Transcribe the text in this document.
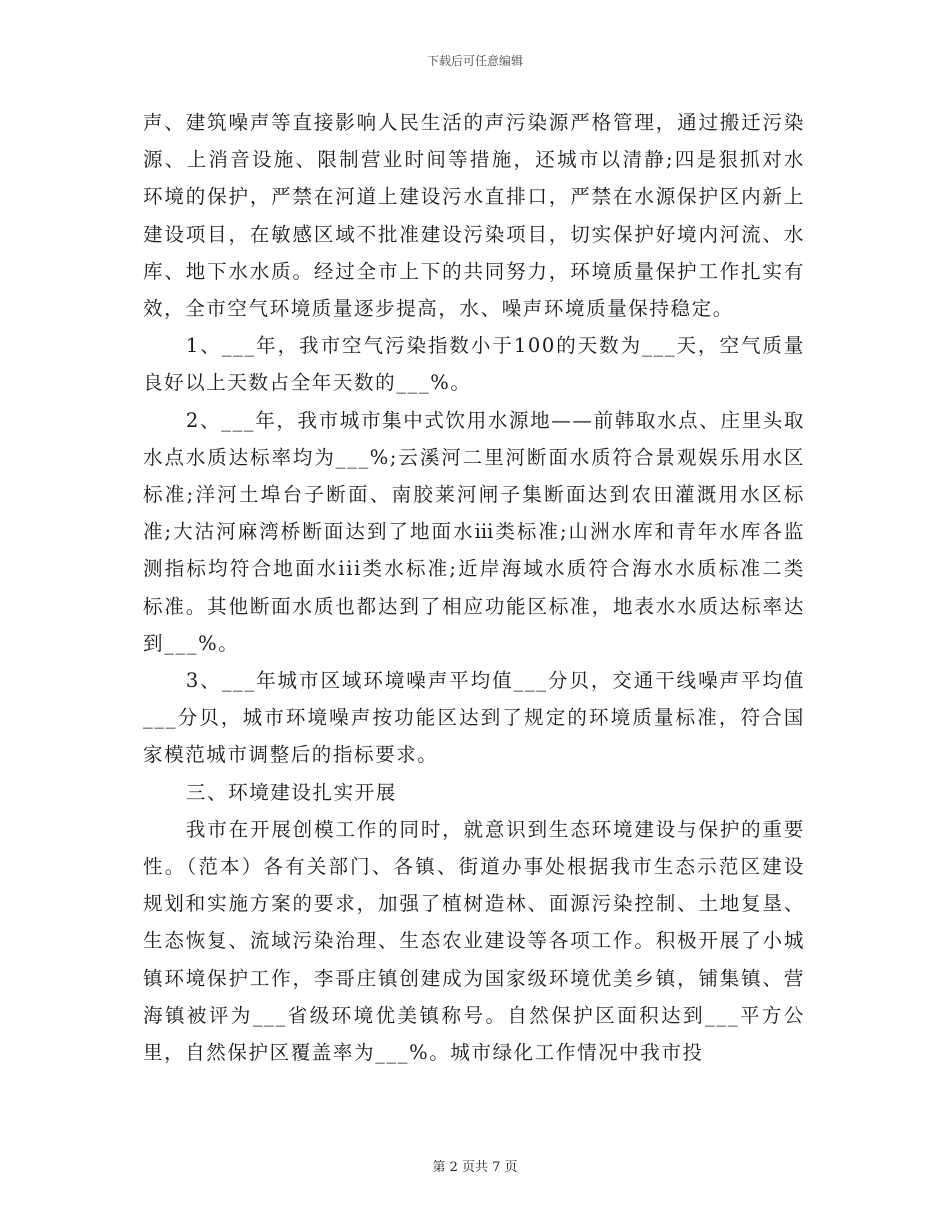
下载后可任意编辑

声、建筑噪声等直接影响人民生活的声污染源严格管理，通过搬迁污染源、上消音设施、限制营业时间等措施，还城市以清静;四是狠抓对水环境的保护，严禁在河道上建设污水直排口，严禁在水源保护区内新上建设项目，在敏感区域不批准建设污染项目，切实保护好境内河流、水库、地下水水质。经过全市上下的共同努力，环境质量保护工作扎实有效，全市空气环境质量逐步提高，水、噪声环境质量保持稳定。

1、___年，我市空气污染指数小于100的天数为___天，空气质量良好以上天数占全年天数的___%。

2、___年，我市城市集中式饮用水源地——前韩取水点、庄里头取水点水质达标率均为___%;云溪河二里河断面水质符合景观娱乐用水区标准;洋河土埠台子断面、南胶莱河闸子集断面达到农田灌溉用水区标准;大沽河麻湾桥断面达到了地面水ⅲ类标准;山洲水库和青年水库各监测指标均符合地面水iii类水标准;近岸海域水质符合海水水质标准二类标准。其他断面水质也都达到了相应功能区标准，地表水水质达标率达到___%。

3、___年城市区域环境噪声平均值___分贝，交通干线噪声平均值___分贝，城市环境噪声按功能区达到了规定的环境质量标准，符合国家模范城市调整后的指标要求。

三、环境建设扎实开展

我市在开展创模工作的同时，就意识到生态环境建设与保护的重要性。（范本）各有关部门、各镇、街道办事处根据我市生态示范区建设规划和实施方案的要求，加强了植树造林、面源污染控制、土地复垦、生态恢复、流域污染治理、生态农业建设等各项工作。积极开展了小城镇环境保护工作，李哥庄镇创建成为国家级环境优美乡镇，铺集镇、营海镇被评为___省级环境优美镇称号。自然保护区面积达到___平方公里，自然保护区覆盖率为___%。城市绿化工作情况中我市投

第 2 页共 7 页
